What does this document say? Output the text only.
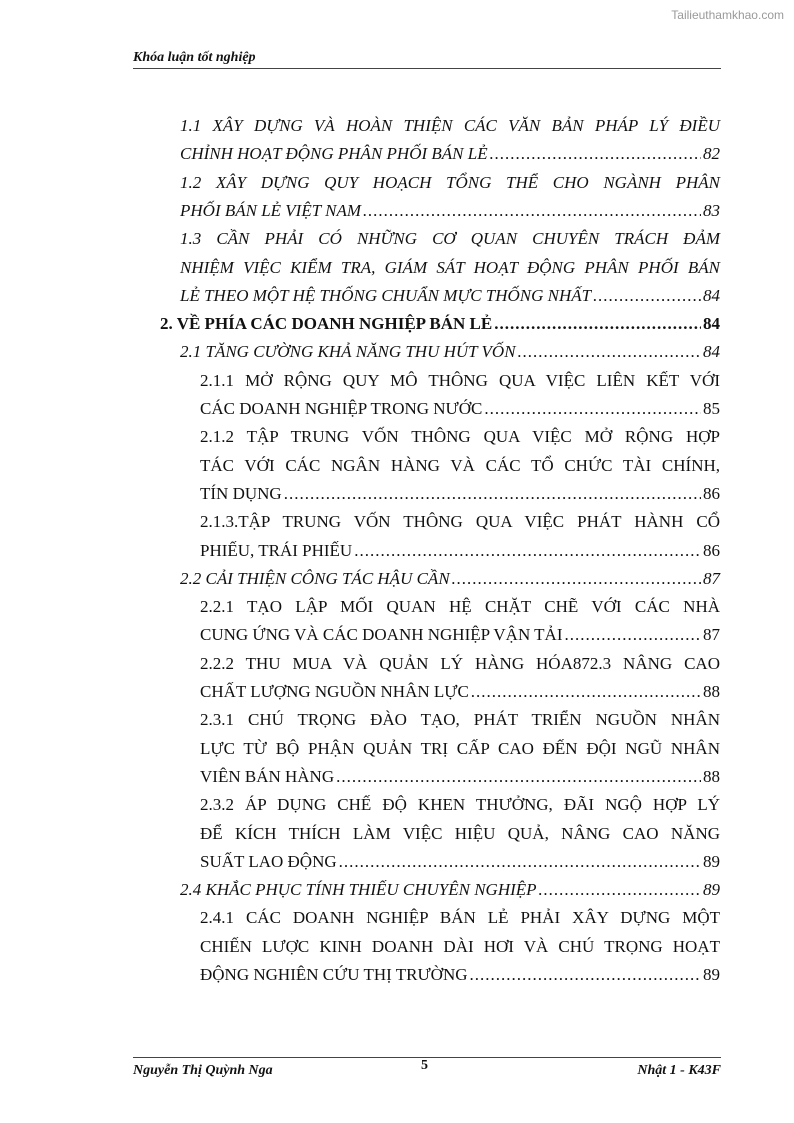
Tailieuthamkhao.com
Khóa luận tốt nghiệp
1.1 XÂY DỰNG VÀ HOÀN THIỆN CÁC VĂN BẢN PHÁP LÝ ĐIỀU
CHỈNH HOẠT ĐỘNG PHÂN PHỐI BÁN LẺ .....	82
1.2 XÂY DỰNG QUY HOẠCH TỔNG THỂ CHO NGÀNH PHÂN
PHỐI BÁN LẺ VIỆT NAM .....	83
1.3 CẦN PHẢI CÓ NHỮNG CƠ QUAN CHUYÊN TRÁCH ĐẢM
NHIỆM VIỆC KIỂM TRA, GIÁM SÁT HOẠT ĐỘNG PHÂN PHỐI BÁN
LẺ THEO MỘT HỆ THỐNG CHUẨN MỰC THỐNG NHẤT .....	84
2. VỀ PHÍA CÁC DOANH NGHIỆP BÁN LẺ .....	84
2.1 TĂNG CƯỜNG KHẢ NĂNG THU HÚT VỐN .....	84
2.1.1 MỞ RỘNG QUY MÔ THÔNG QUA VIỆC LIÊN KẾT VỚI
CÁC DOANH NGHIỆP TRONG NƯỚC .....	85
2.1.2 TẬP TRUNG VỐN THÔNG QUA VIỆC MỞ RỘNG HỢP
TÁC VỚI CÁC NGÂN HÀNG VÀ CÁC TỔ CHỨC TÀI CHÍNH,
TÍN DỤNG .....	86
2.1.3.TẬP TRUNG VỐN THÔNG QUA VIỆC PHÁT HÀNH CỔ
PHIẾU, TRÁI PHIẾU .....	86
2.2 CẢI THIỆN CÔNG TÁC HẬU CẦN .....	87
2.2.1 TẠO LẬP MỐI QUAN HỆ CHẶT CHẼ VỚI CÁC NHÀ
CUNG ỨNG VÀ CÁC DOANH NGHIỆP VẬN TẢI .....	87
2.2.2 THU MUA VÀ QUẢN LÝ HÀNG HÓA872.3 NÂNG CAO
CHẤT LƯỢNG NGUỒN NHÂN LỰC .....	88
2.3.1 CHÚ TRỌNG ĐÀO TẠO, PHÁT TRIỂN NGUỒN NHÂN
LỰC TỪ BỘ PHẬN QUẢN TRỊ CẤP CAO ĐẾN ĐỘI NGŨ NHÂN
VIÊN BÁN HÀNG .....	88
2.3.2 ÁP DỤNG CHẾ ĐỘ KHEN THƯỞNG, ĐÃI NGỘ HỢP LÝ
ĐỂ KÍCH THÍCH LÀM VIỆC HIỆU QUẢ, NÂNG CAO NĂNG
SUẤT LAO ĐỘNG .....	89
2.4 KHẮC PHỤC TÍNH THIẾU CHUYÊN NGHIỆP .....	89
2.4.1 CÁC DOANH NGHIỆP BÁN LẺ PHẢI XÂY DỰNG MỘT
CHIẾN LƯỢC KINH DOANH DÀI HƠI VÀ CHÚ TRỌNG HOẠT
ĐỘNG NGHIÊN CỨU THỊ TRƯỜNG .....	89
Nguyễn Thị Quỳnh Nga	5	Nhật 1 - K43F
